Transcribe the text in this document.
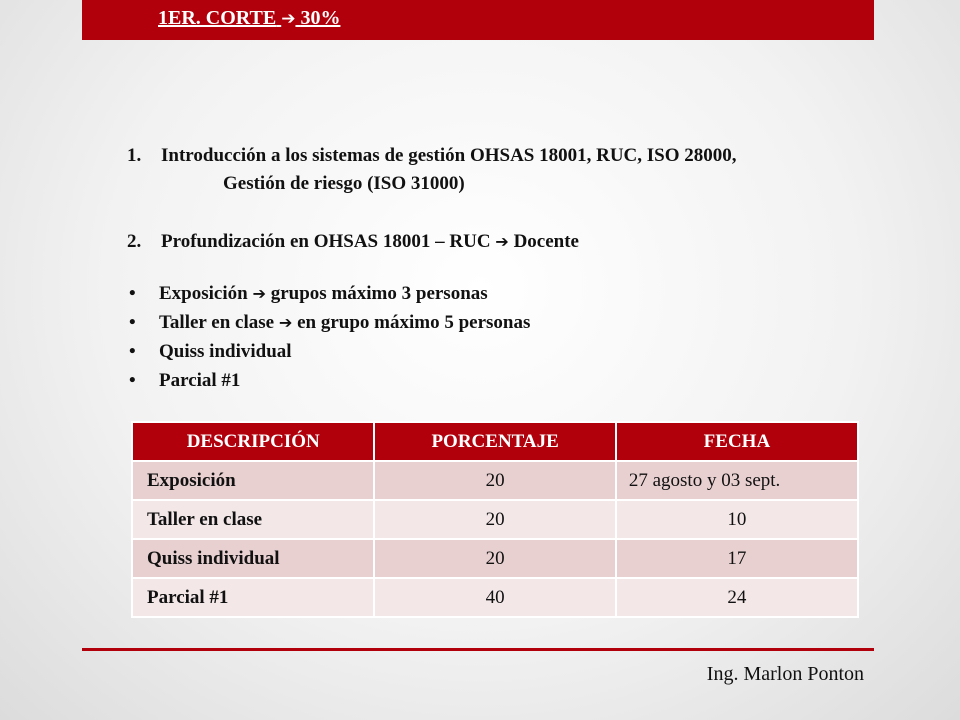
1ER. CORTE ➔ 30%
1. Introducción a los sistemas de gestión OHSAS 18001, RUC, ISO 28000,
Gestión de riesgo (ISO 31000)
2. Profundización en OHSAS 18001 – RUC ➔ Docente
• Exposición ➔ grupos máximo 3 personas
• Taller en clase ➔ en grupo máximo 5 personas
• Quiss individual
• Parcial #1
DESCRIPCIÓN	PORCENTAJE	FECHA
Exposición	20	27 agosto y 03 sept.
Taller en clase	20	10
Quiss individual	20	17
Parcial #1	40	24
Ing. Marlon Ponton
